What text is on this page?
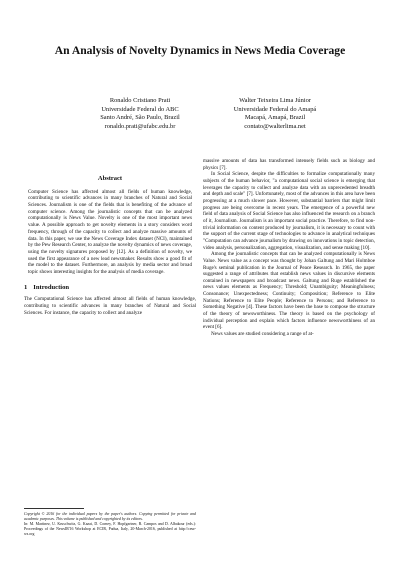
An Analysis of Novelty Dynamics in News Media Coverage
Ronaldo Cristiano Prati
Universidade Federal do ABC
Santo André, São Paulo, Brazil
ronaldo.prati@ufabc.edu.br
Walter Teixeira Lima Júnior
Universidade Federal do Amapá
Macapá, Amapá, Brazil
contato@walterlima.net
Abstract

Computer Science has affected almost all fields of human knowledge, contributing to scientific advances in many branches of Natural and Social Sciences. Journalism is one of the fields that is benefiting of the advance of computer science. Among the journalistic concepts that can be analyzed computationally is News Value. Novelty is one of the most important news value. A possible approach to get novelty elements in a story considers word frequency, through of the capacity to collect and analyze massive amounts of data. In this paper, we use the News Coverage Index dataset (NCI), maintained by the Pew Research Center, to analyze the novelty dynamics of news coverage, using the novelty signatures proposed by [12]. As a definition of novelty, we used the first appearance of a new lead newsmaker. Results show a good fit of the model to the dataset. Furthermore, an analysis by media sector and broad topic shows interesting insights for the analysis of media coverage.

1 Introduction

The Computational Science has affected almost all fields of human knowledge, contributing to scientific advances in many branches of Natural and Social Sciences. For instance, the capacity to collect and analyze

Copyright © 2016 for the individual papers by the paper's authors. Copying permitted for private and academic purposes. This volume is published and copyrighted by its editors.

In: M. Martinez, U. Kruschwitz, G. Kazai, D. Corney, F. Hopfgartner, R. Campos and D. Albakour (eds.): Proceedings of the NewsIR'16 Workshop at ECIR, Padua, Italy, 20-March-2016, published at http://ceur-ws.org

massive amounts of data has transformed intensely fields such as biology and physics [7].

In Social Science, despite the difficulties to formalize computationally many subjects of the human behavior, "a computational social science is emerging that leverages the capacity to collect and analyze data with an unprecedented breadth and depth and scale" [7]. Unfortunately, most of the advances in this area have been progressing at a much slower pace. However, substantial barriers that might limit progress are being overcome in recent years. The emergence of a powerful new field of data analysis of Social Science has also influenced the research on a branch of it, Journalism. Journalism is an important social practice. Therefore, to find non-trivial information on content produced by journalism, it is necessary to count with the support of the current stage of technologies to advance in analytical techniques "Computation can advance journalism by drawing on innovations in topic detection, video analysis, personalization, aggregation, visualization, and sense making [10].

Among the journalistic concepts that can be analyzed computationally is News Value. News value as a concept was thought by Johan Galtung and Mari Holmboe Ruge's seminal publication in the Journal of Peace Research. In 1965, the paper suggested a range of attributes that establish news values in discursive elements contained in newspapers and broadcast news. Galtung and Ruge established the news values elements as Frequency; Threshold; Unambiguity; Meaningfulness; Consonance; Unexpectedness; Continuity; Composition; Reference to Elite Nations; Reference to Elite People; Reference to Persons; and Reference to Something Negative [4]. These factors have been the base to compose the structure of the theory of newsworthiness. The theory is based on the psychology of individual perception and explain which factors influence newsworthiness of an event [6].

News values are studied considering a range of at-
